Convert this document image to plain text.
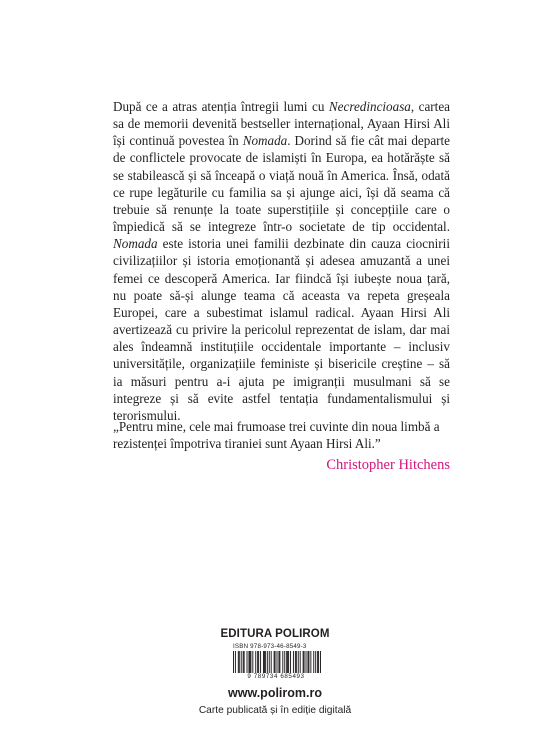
După ce a atras atenția întregii lumi cu Necredincioasa, cartea sa de memorii devenită bestseller internațional, Ayaan Hirsi Ali își continuă povestea în Nomada. Dorind să fie cât mai departe de conflictele provocate de islamiști în Europa, ea hotărăște să se stabilească și să înceapă o viață nouă în America. Însă, odată ce rupe legăturile cu familia sa și ajunge aici, își dă seama că trebuie să renunțe la toate superstițiile și concepțiile care o împiedică să se integreze într-o societate de tip occidental. Nomada este istoria unei familii dezbinate din cauza ciocnirii civilizațiilor și istoria emoționantă și adesea amuzantă a unei femei ce descoperă America. Iar fiindcă își iubește noua țară, nu poate să-și alunge teama că aceasta va repeta greșeala Europei, care a subestimat islamul radical. Ayaan Hirsi Ali avertizează cu privire la pericolul reprezentat de islam, dar mai ales îndeamnă instituțiile occidentale importante – inclusiv universitățile, organizațiile feministe și bisericile creștine – să ia măsuri pentru a-i ajuta pe imigranții musulmani să se integreze și să evite astfel tentația fundamentalismului și terorismului.

„Pentru mine, cele mai frumoase trei cuvinte din noua limbă a rezistenței împotriva tiraniei sunt Ayaan Hirsi Ali.”

Christopher Hitchens

EDITURA POLIROM
ISBN 978-973-46-8549-3
9 789734 685493
www.polirom.ro
Carte publicată și în ediție digitală
